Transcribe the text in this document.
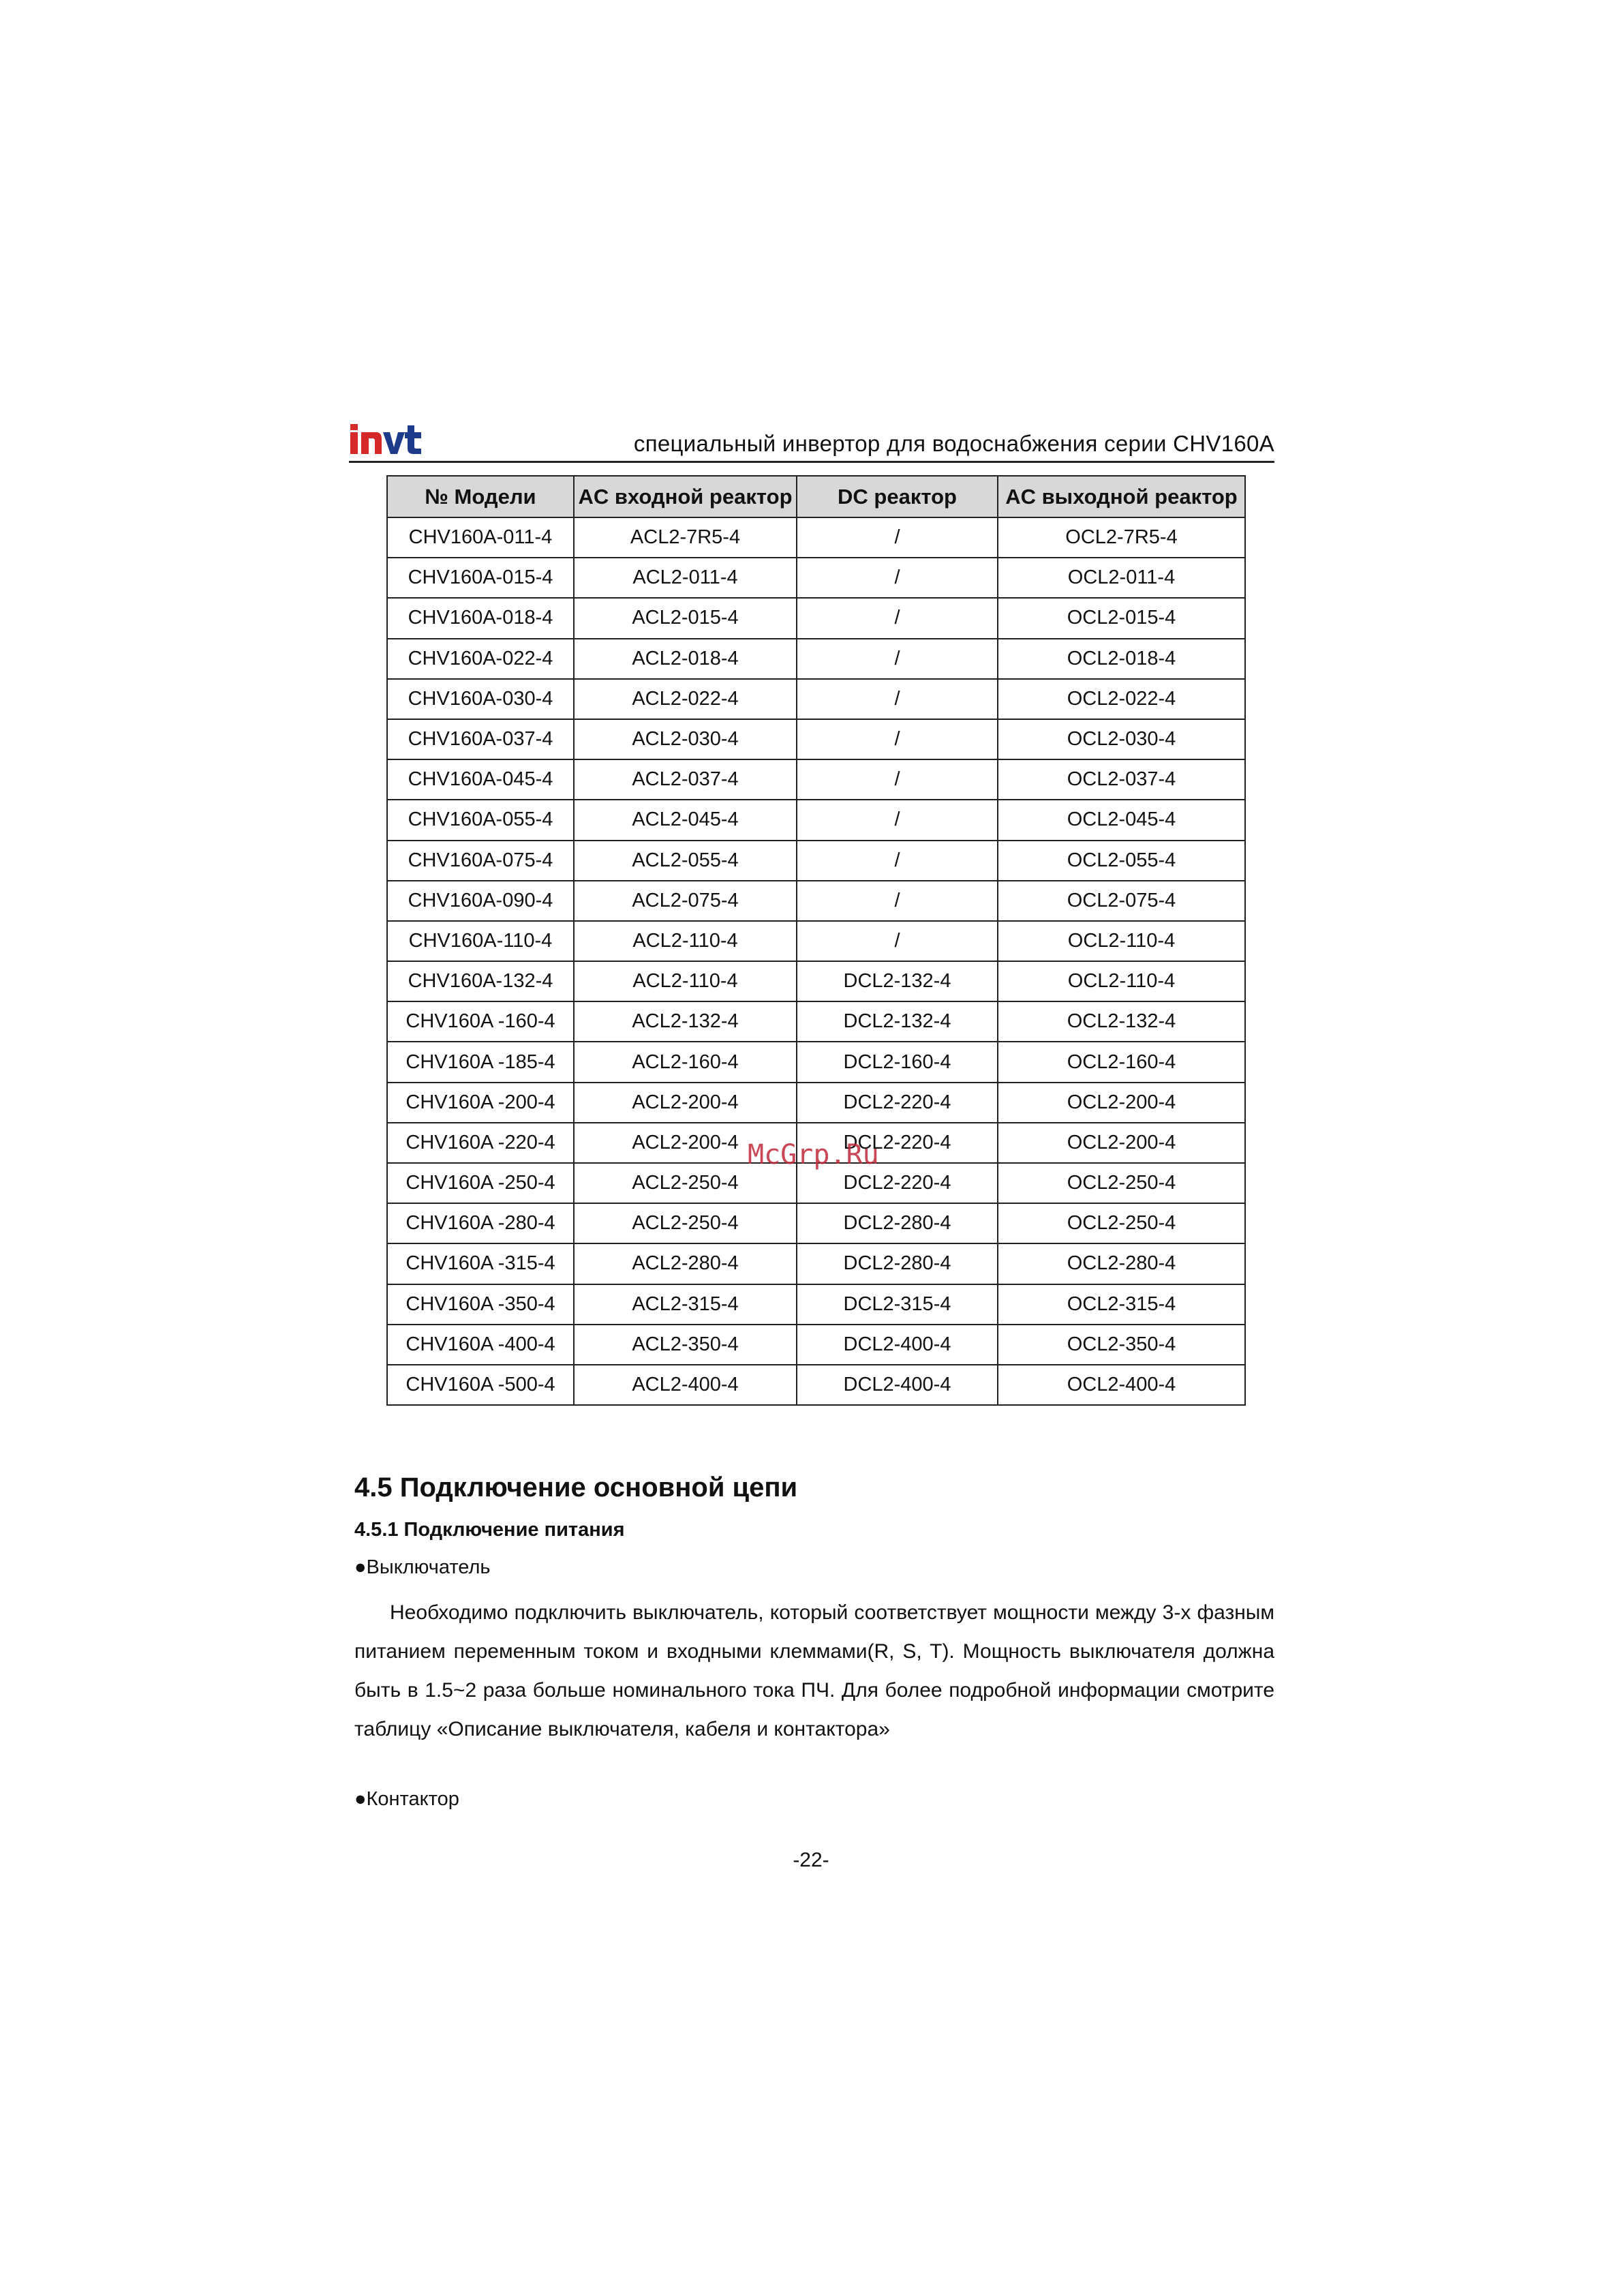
специальный инвертор для водоснабжения серии CHV160A
№ Модели	AC входной реактор	DC реактор	AC выходной реактор
CHV160A-011-4	ACL2-7R5-4	/	OCL2-7R5-4
CHV160A-015-4	ACL2-011-4	/	OCL2-011-4
CHV160A-018-4	ACL2-015-4	/	OCL2-015-4
CHV160A-022-4	ACL2-018-4	/	OCL2-018-4
CHV160A-030-4	ACL2-022-4	/	OCL2-022-4
CHV160A-037-4	ACL2-030-4	/	OCL2-030-4
CHV160A-045-4	ACL2-037-4	/	OCL2-037-4
CHV160A-055-4	ACL2-045-4	/	OCL2-045-4
CHV160A-075-4	ACL2-055-4	/	OCL2-055-4
CHV160A-090-4	ACL2-075-4	/	OCL2-075-4
CHV160A-110-4	ACL2-110-4	/	OCL2-110-4
CHV160A-132-4	ACL2-110-4	DCL2-132-4	OCL2-110-4
CHV160A -160-4	ACL2-132-4	DCL2-132-4	OCL2-132-4
CHV160A -185-4	ACL2-160-4	DCL2-160-4	OCL2-160-4
CHV160A -200-4	ACL2-200-4	DCL2-220-4	OCL2-200-4
CHV160A -220-4	ACL2-200-4	DCL2-220-4	OCL2-200-4
CHV160A -250-4	ACL2-250-4	DCL2-220-4	OCL2-250-4
CHV160A -280-4	ACL2-250-4	DCL2-280-4	OCL2-250-4
CHV160A -315-4	ACL2-280-4	DCL2-280-4	OCL2-280-4
CHV160A -350-4	ACL2-315-4	DCL2-315-4	OCL2-315-4
CHV160A -400-4	ACL2-350-4	DCL2-400-4	OCL2-350-4
CHV160A -500-4	ACL2-400-4	DCL2-400-4	OCL2-400-4
McGrp.Ru
4.5 Подключение основной цепи
4.5.1 Подключение питания
●Выключатель
Необходимо подключить выключатель, который соответствует мощности между 3-х фазным питанием переменным током и входными клеммами(R, S, T). Мощность выключателя должна быть в 1.5~2 раза больше номинального тока ПЧ. Для более подробной информации смотрите таблицу «Описание выключателя, кабеля и контактора»
●Контактор
-22-
